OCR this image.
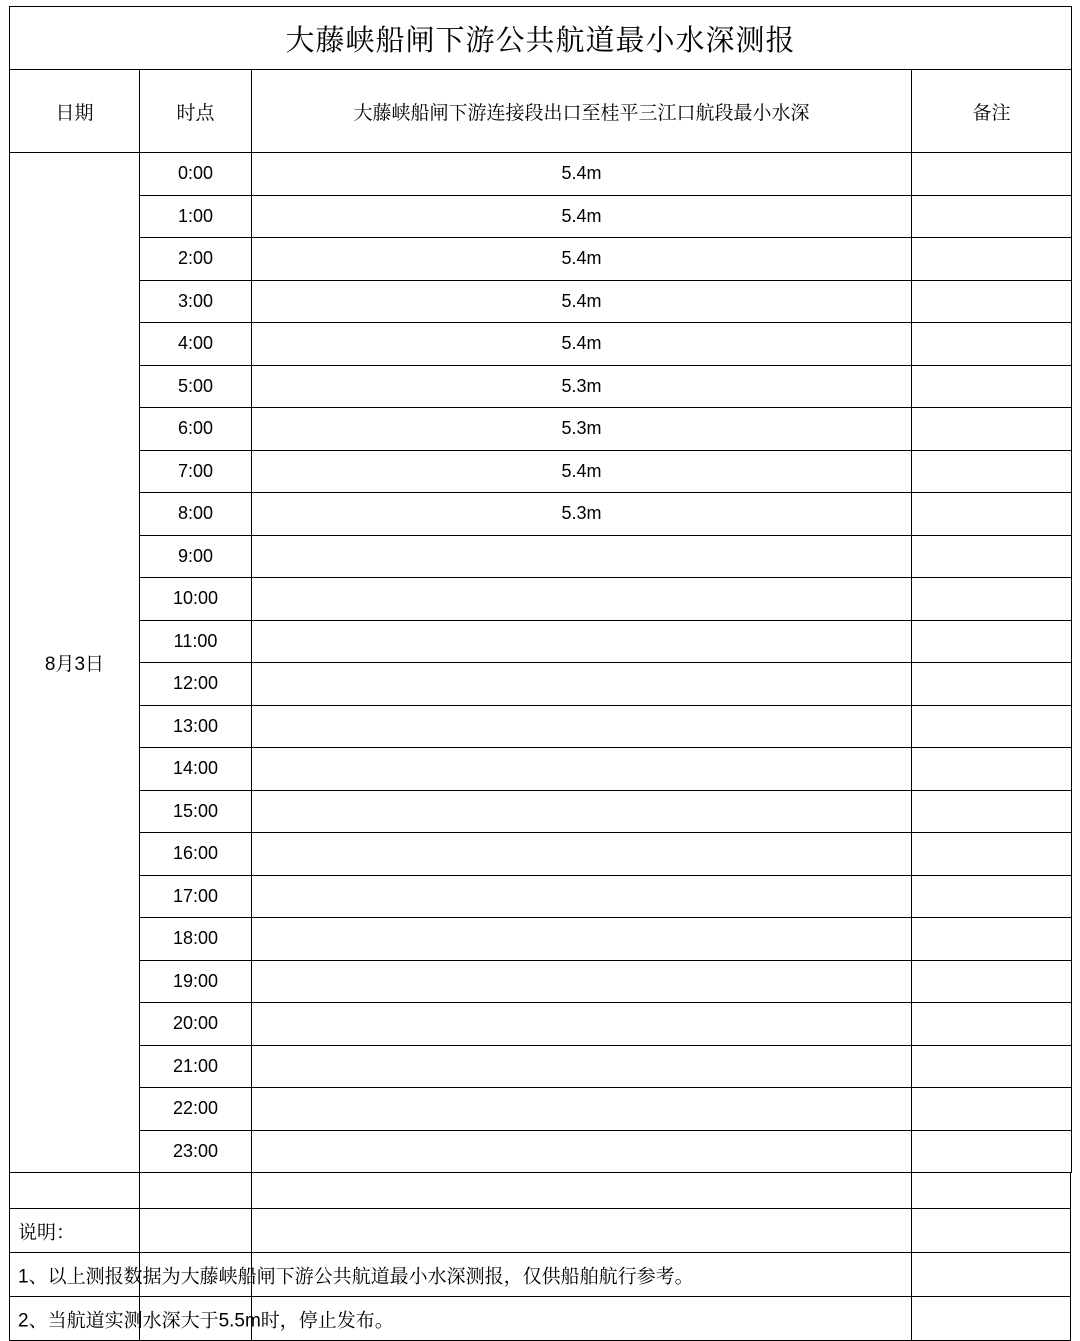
大藤峡船闸下游公共航道最小水深测报			
日期	时点	大藤峡船闸下游连接段出口至桂平三江口航段最小水深	备注
8月3日	0:00	5.4m	
	1:00	5.4m	
	2:00	5.4m	
	3:00	5.4m	
	4:00	5.4m	
	5:00	5.3m	
	6:00	5.3m	
	7:00	5.4m	
	8:00	5.3m	
	9:00		
	10:00		
	11:00		
	12:00		
	13:00		
	14:00		
	15:00		
	16:00		
	17:00		
	18:00		
	19:00		
	20:00		
	21:00		
	22:00		
	23:00		
说明：
1、以上测报数据为大藤峡船闸下游公共航道最小水深测报，仅供船舶航行参考。
2、当航道实测水深大于5.5m时，停止发布。
